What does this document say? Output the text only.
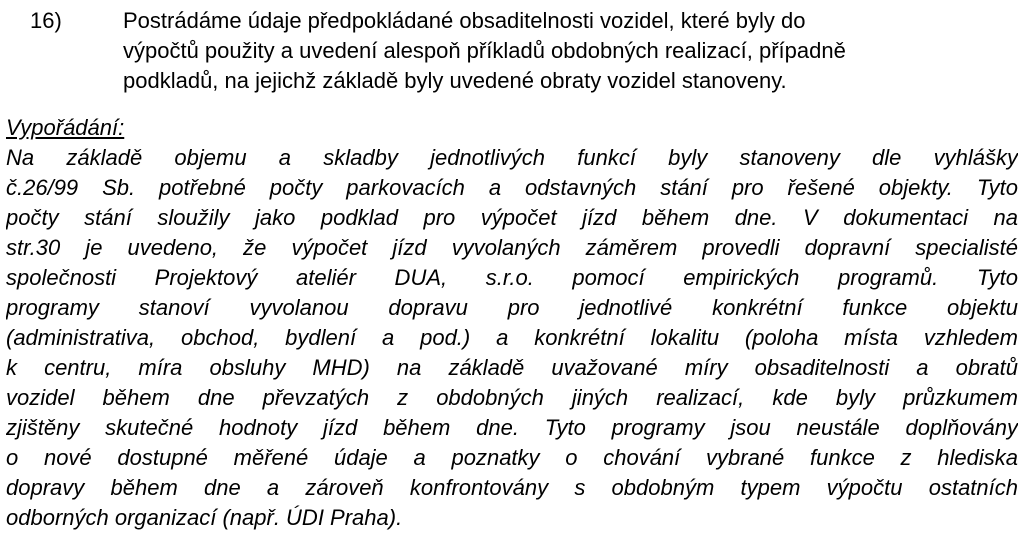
16)	Postrádáme údaje předpokládané obsaditelnosti vozidel, které byly do
výpočtů použity a uvedení alespoň příkladů obdobných realizací, případně
podkladů, na jejichž základě byly uvedené obraty vozidel stanoveny.
Vypořádání:
Na základě objemu a skladby jednotlivých funkcí byly stanoveny dle vyhlášky
č.26/99 Sb. potřebné počty parkovacích a odstavných stání pro řešené objekty. Tyto
počty stání sloužily jako podklad pro výpočet jízd během dne. V dokumentaci na
str.30 je uvedeno, že výpočet jízd vyvolaných záměrem provedli dopravní specialisté
společnosti Projektový ateliér DUA, s.r.o. pomocí empirických programů. Tyto
programy stanoví vyvolanou dopravu pro jednotlivé konkrétní funkce objektu
(administrativa, obchod, bydlení a pod.) a konkrétní lokalitu (poloha místa vzhledem
k centru, míra obsluhy MHD) na základě uvažované míry obsaditelnosti a obratů
vozidel během dne převzatých z obdobných jiných realizací, kde byly průzkumem
zjištěny skutečné hodnoty jízd během dne. Tyto programy jsou neustále doplňovány
o nové dostupné měřené údaje a poznatky o chování vybrané funkce z hlediska
dopravy během dne a zároveň konfrontovány s obdobným typem výpočtu ostatních
odborných organizací (např. ÚDI Praha).
